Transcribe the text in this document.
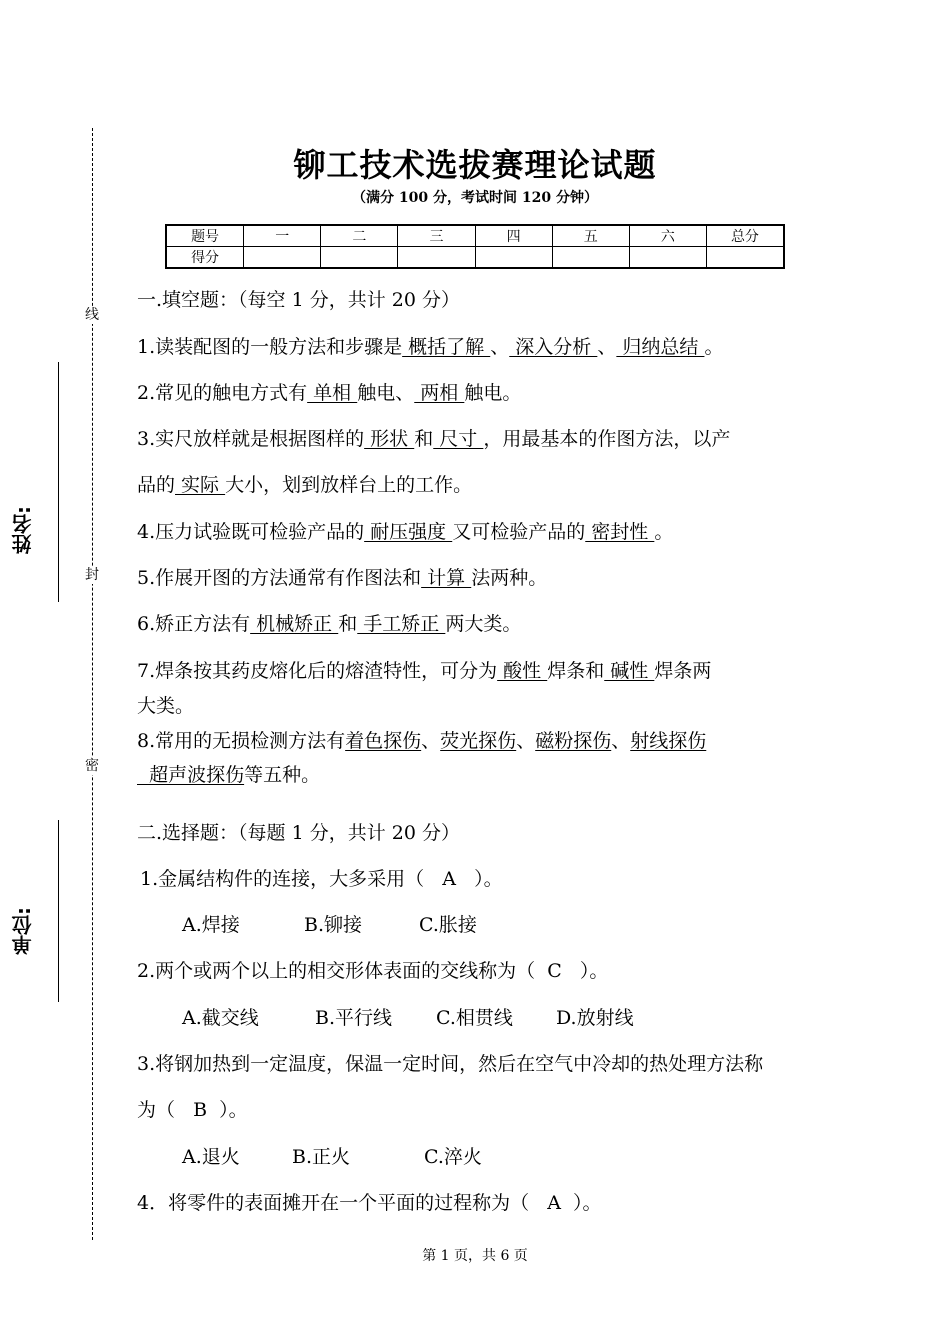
线
封
密
姓名:
单位:
铆工技术选拔赛理论试题
（满分 100 分，考试时间 120 分钟）
题号	一	二	三	四	五	六	总分
得分							
一.填空题：（每空 1 分，共计 20 分）
1.读装配图的一般方法和步骤是 概括了解 、 深入分析 、 归纳总结 。
2.常见的触电方式有 单相 触电、 两相 触电。
3.实尺放样就是根据图样的 形状 和 尺寸 ，用最基本的作图方法，以产
品的 实际 大小，划到放样台上的工作。
4.压力试验既可检验产品的 耐压强度 又可检验产品的 密封性 。
5.作展开图的方法通常有作图法和 计算 法两种。
6.矫正方法有 机械矫正 和 手工矫正 两大类。
7.焊条按其药皮熔化后的熔渣特性，可分为 酸性 焊条和 碱性 焊条两
大类。
8.常用的无损检测方法有着色探伤、荧光探伤、磁粉探伤、射线探伤
超声波探伤等五种。
二.选择题：（每题 1 分，共计 20 分）
1.金属结构件的连接，大多采用（   A   ）。
A.焊接	B.铆接	C.胀接
2.两个或两个以上的相交形体表面的交线称为（  C   ）。
A.截交线	B.平行线 C.相贯线 D.放射线
3.将钢加热到一定温度，保温一定时间，然后在空气中冷却的热处理方法称
为（   B  ）。
A.退火	B.正火	C.淬火
4．将零件的表面摊开在一个平面的过程称为（   A  ）。
第 1 页，共 6 页
